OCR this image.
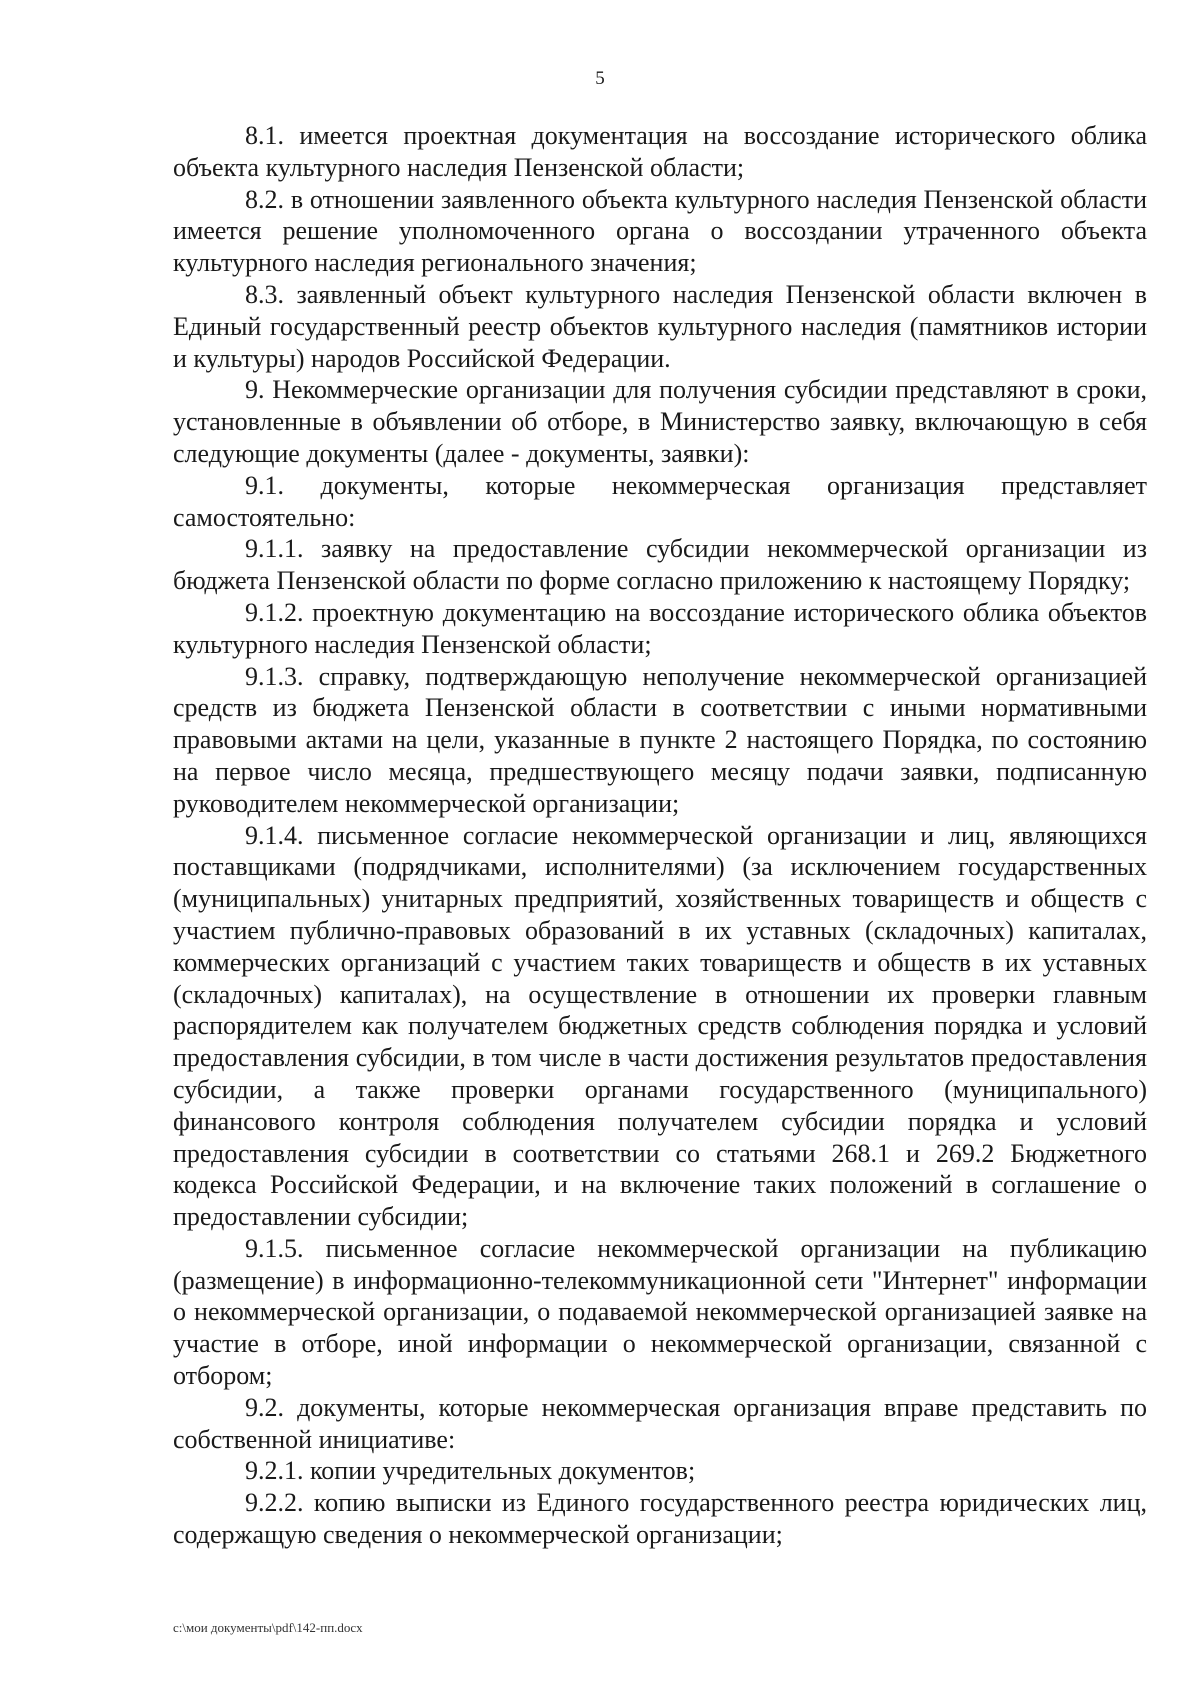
5

8.1. имеется проектная документация на воссоздание исторического облика объекта культурного наследия Пензенской области;

8.2. в отношении заявленного объекта культурного наследия Пензенской области имеется решение уполномоченного органа о воссоздании утраченного объекта культурного наследия регионального значения;

8.3. заявленный объект культурного наследия Пензенской области включен в Единый государственный реестр объектов культурного наследия (памятников истории и культуры) народов Российской Федерации.

9. Некоммерческие организации для получения субсидии представляют в сроки, установленные в объявлении об отборе, в Министерство заявку, включающую в себя следующие документы (далее - документы, заявки):

9.1. документы, которые некоммерческая организация представляет самостоятельно:

9.1.1. заявку на предоставление субсидии некоммерческой организации из бюджета Пензенской области по форме согласно приложению к настоящему Порядку;

9.1.2. проектную документацию на воссоздание исторического облика объектов культурного наследия Пензенской области;

9.1.3. справку, подтверждающую неполучение некоммерческой организацией средств из бюджета Пензенской области в соответствии с иными нормативными правовыми актами на цели, указанные в пункте 2 настоящего Порядка, по состоянию на первое число месяца, предшествующего месяцу подачи заявки, подписанную руководителем некоммерческой организации;

9.1.4. письменное согласие некоммерческой организации и лиц, являющихся поставщиками (подрядчиками, исполнителями) (за исключением государственных (муниципальных) унитарных предприятий, хозяйственных товариществ и обществ с участием публично-правовых образований в их уставных (складочных) капиталах, коммерческих организаций с участием таких товариществ и обществ в их уставных (складочных) капиталах), на осуществление в отношении их проверки главным распорядителем как получателем бюджетных средств соблюдения порядка и условий предоставления субсидии, в том числе в части достижения результатов предоставления субсидии, а также проверки органами государственного (муниципального) финансового контроля соблюдения получателем субсидии порядка и условий предоставления субсидии в соответствии со статьями 268.1 и 269.2 Бюджетного кодекса Российской Федерации, и на включение таких положений в соглашение о предоставлении субсидии;

9.1.5. письменное согласие некоммерческой организации на публикацию (размещение) в информационно-телекоммуникационной сети "Интернет" информации о некоммерческой организации, о подаваемой некоммерческой организацией заявке на участие в отборе, иной информации о некоммерческой организации, связанной с отбором;

9.2. документы, которые некоммерческая организация вправе представить по собственной инициативе:

9.2.1. копии учредительных документов;

9.2.2. копию выписки из Единого государственного реестра юридических лиц, содержащую сведения о некоммерческой организации;

c:\мои документы\pdf\142-пп.docx
